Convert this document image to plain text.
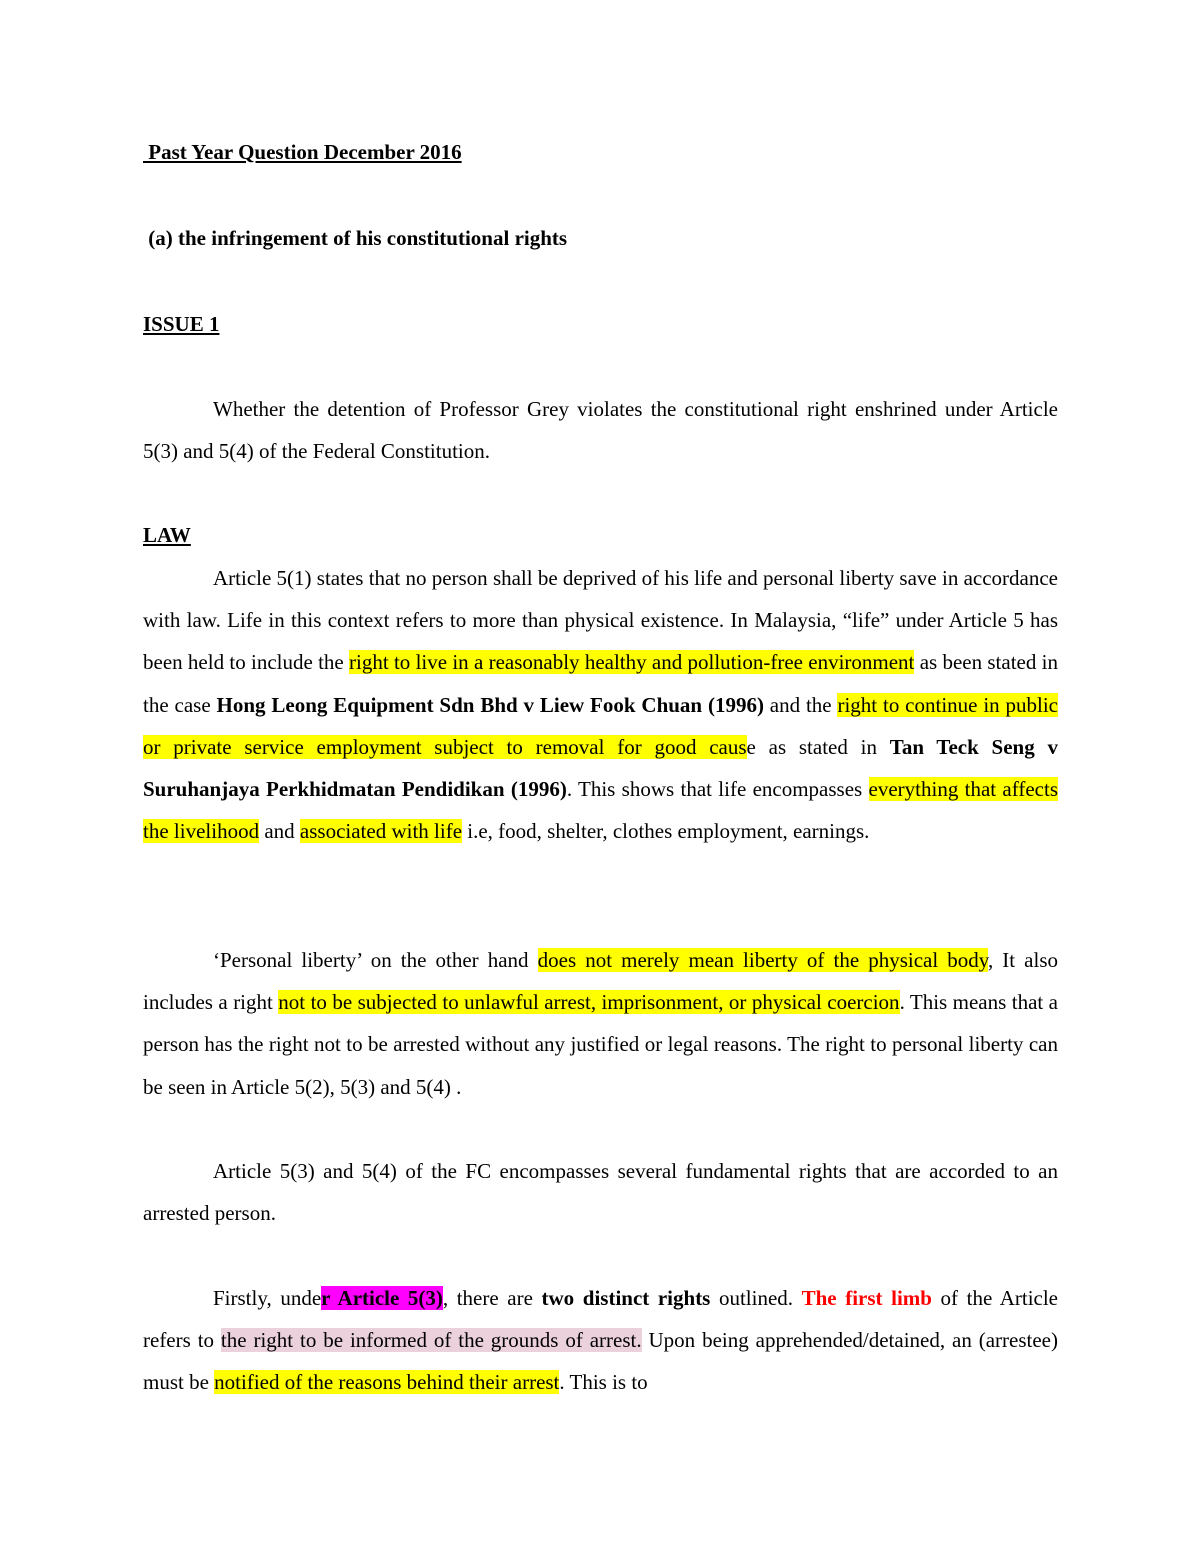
Past Year Question December 2016
(a) the infringement of his constitutional rights
ISSUE 1

Whether the detention of Professor Grey violates the constitutional right enshrined under Article 5(3) and 5(4) of the Federal Constitution.

LAW

Article 5(1) states that no person shall be deprived of his life and personal liberty save in accordance with law. Life in this context refers to more than physical existence. In Malaysia, “life” under Article 5 has been held to include the right to live in a reasonably healthy and pollution-free environment as been stated in the case Hong Leong Equipment Sdn Bhd v Liew Fook Chuan (1996) and the right to continue in public or private service employment subject to removal for good cause as stated in Tan Teck Seng v Suruhanjaya Perkhidmatan Pendidikan (1996). This shows that life encompasses everything that affects the livelihood and associated with life i.e, food, shelter, clothes employment, earnings.

‘Personal liberty’ on the other hand does not merely mean liberty of the physical body, It also includes a right not to be subjected to unlawful arrest, imprisonment, or physical coercion. This means that a person has the right not to be arrested without any justified or legal reasons. The right to personal liberty can be seen in Article 5(2), 5(3) and 5(4) .

Article 5(3) and 5(4) of the FC encompasses several fundamental rights that are accorded to an arrested person.

Firstly, under Article 5(3), there are two distinct rights outlined. The first limb of the Article refers to the right to be informed of the grounds of arrest. Upon being apprehended/detained, an (arrestee) must be notified of the reasons behind their arrest. This is to
